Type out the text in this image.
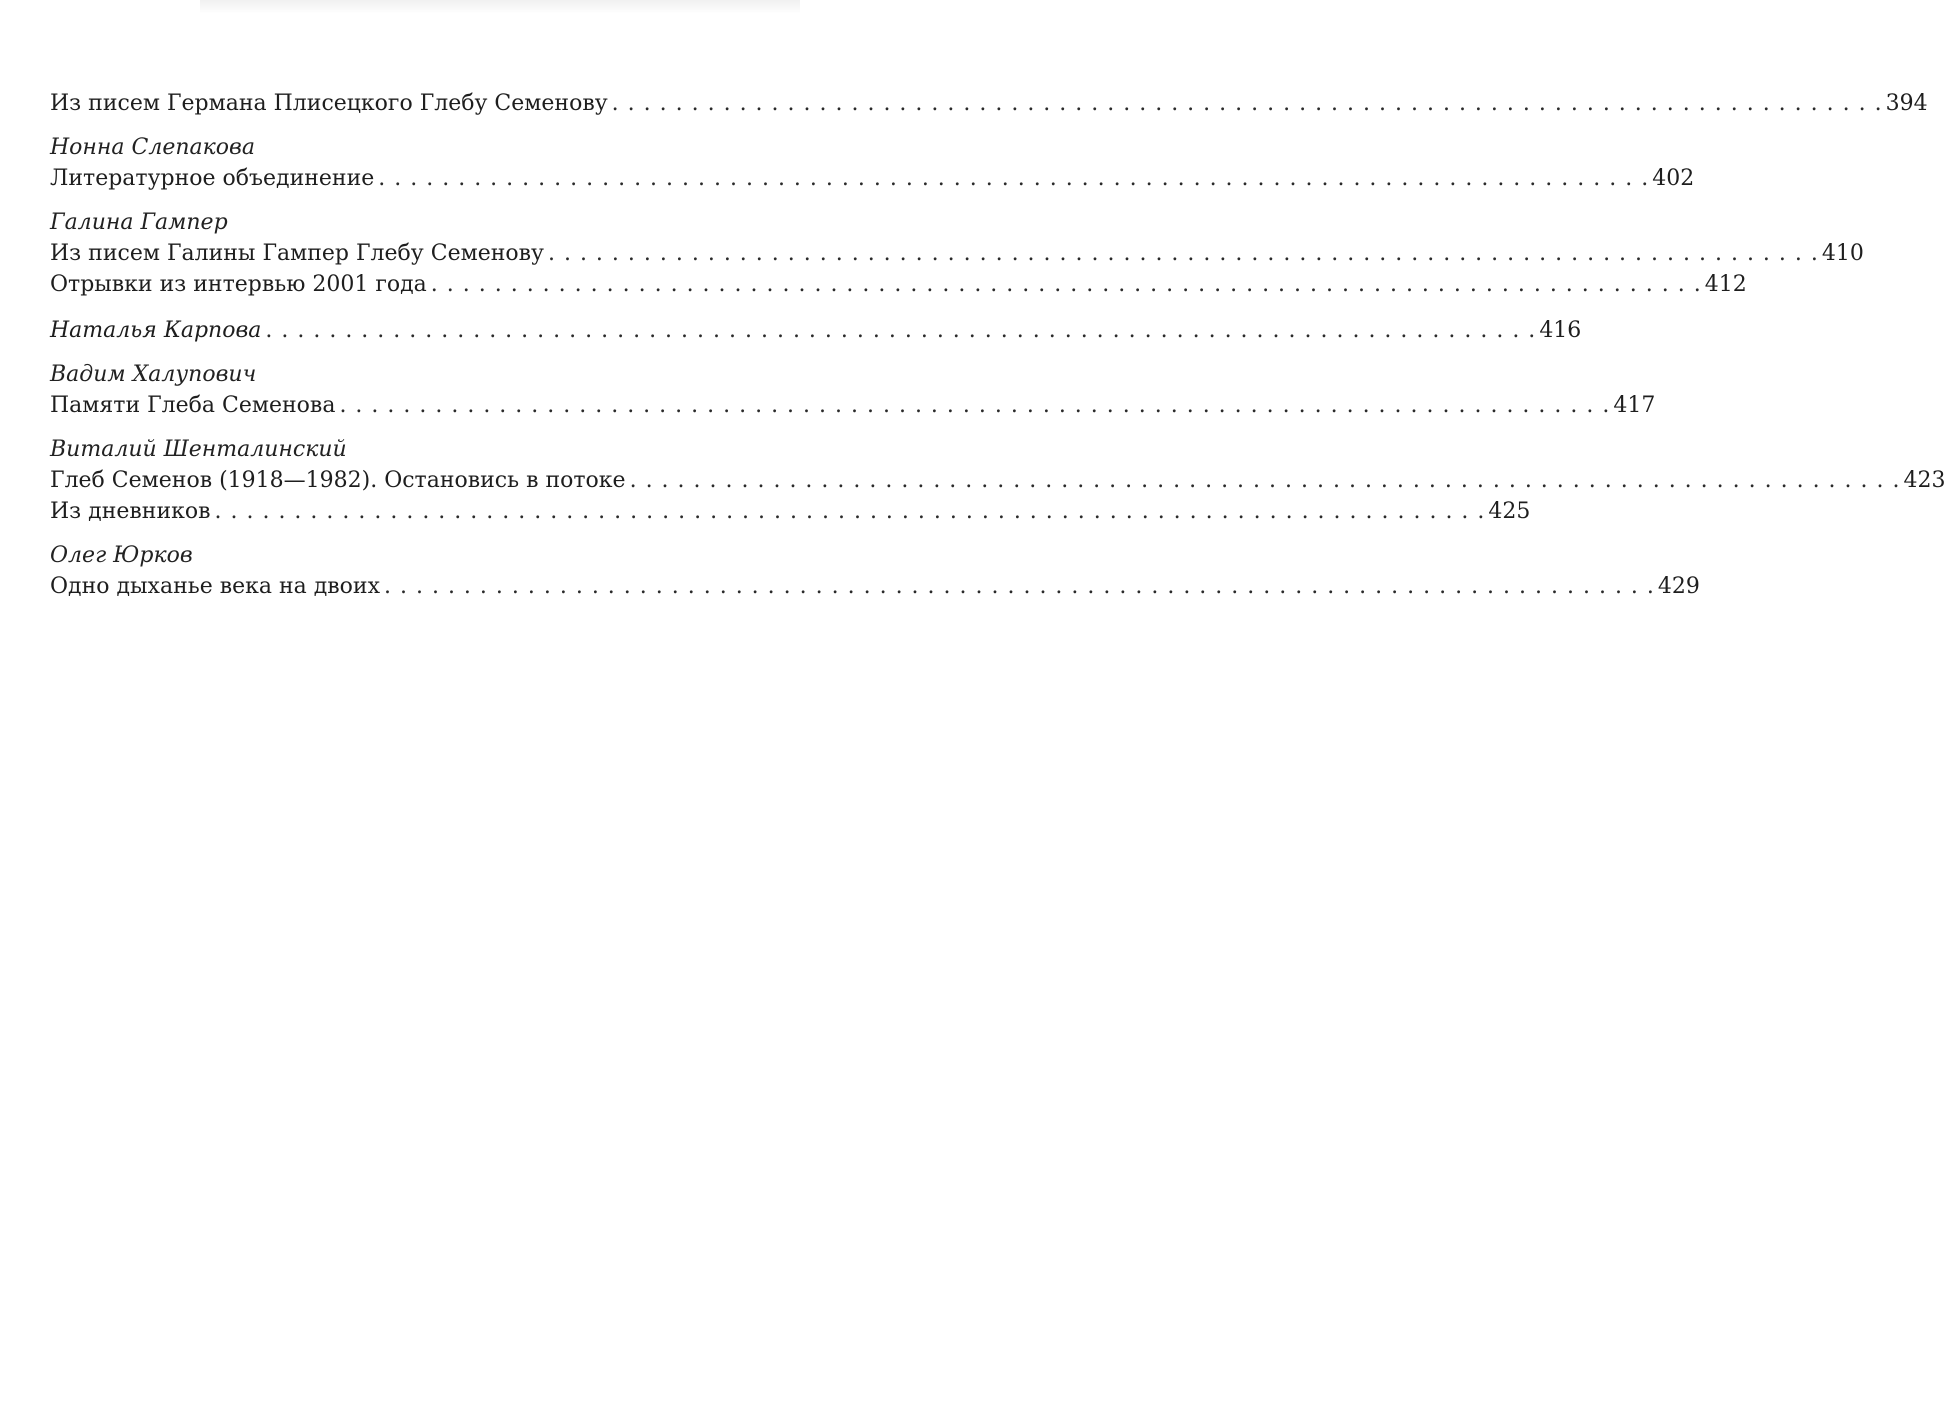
Из писем Германа Плисецкого Глебу Семенову . . .	394
Нонна Слепакова
Литературное объединение . . .	402
Галина Гампер
Из писем Галины Гампер Глебу Семенову . . .	410
Отрывки из интервью 2001 года . . .	412
Наталья Карпова . . .	416
Вадим Халупович
Памяти Глеба Семенова . . .	417
Виталий Шенталинский
Глеб Семенов (1918—1982). Остановись в потоке . . .	423
Из дневников . . .	425
Олег Юрков
Одно дыханье века на двоих . . .	429
